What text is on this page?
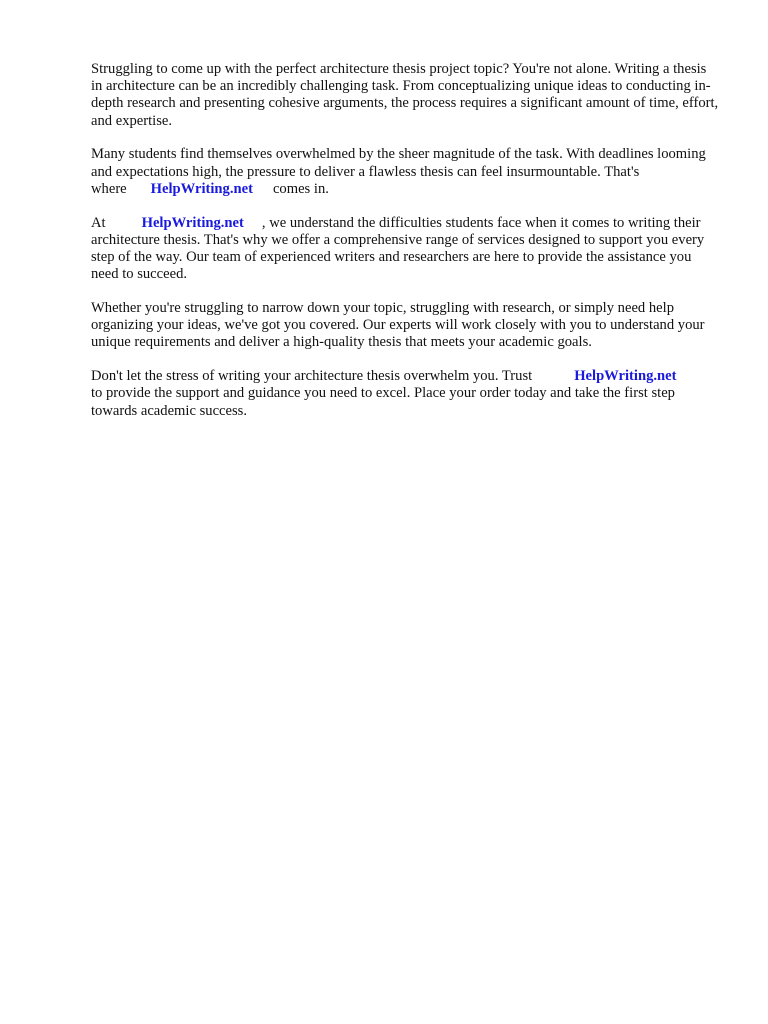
Struggling to come up with the perfect architecture thesis project topic? You're not alone. Writing a thesis in architecture can be an incredibly challenging task. From conceptualizing unique ideas to conducting in-depth research and presenting cohesive arguments, the process requires a significant amount of time, effort, and expertise.

Many students find themselves overwhelmed by the sheer magnitude of the task. With deadlines looming and expectations high, the pressure to deliver a flawless thesis can feel insurmountable. That's where HelpWriting.net comes in.

At HelpWriting.net , we understand the difficulties students face when it comes to writing their architecture thesis. That's why we offer a comprehensive range of services designed to support you every step of the way. Our team of experienced writers and researchers are here to provide the assistance you need to succeed.

Whether you're struggling to narrow down your topic, struggling with research, or simply need help organizing your ideas, we've got you covered. Our experts will work closely with you to understand your unique requirements and deliver a high-quality thesis that meets your academic goals.

Don't let the stress of writing your architecture thesis overwhelm you. Trust	HelpWriting.net
to provide the support and guidance you need to excel. Place your order today and take the first step towards academic success.
